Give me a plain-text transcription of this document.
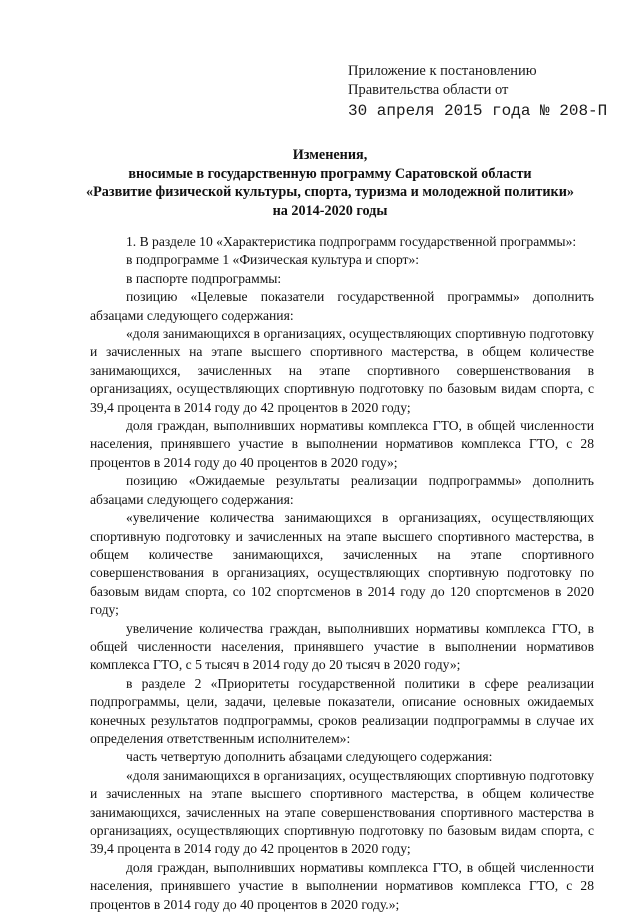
Приложение к постановлению
Правительства области от
30 апреля 2015 года № 208-П
Изменения,
вносимые в государственную программу Саратовской области
«Развитие физической культуры, спорта, туризма и молодежной политики»
на 2014-2020 годы

1. В разделе 10 «Характеристика подпрограмм государственной программы»:

в подпрограмме 1 «Физическая культура и спорт»:

в паспорте подпрограммы:

позицию «Целевые показатели государственной программы» дополнить абзацами следующего содержания:

«доля занимающихся в организациях, осуществляющих спортивную подготовку и зачисленных на этапе высшего спортивного мастерства, в общем количестве занимающихся, зачисленных на этапе спортивного совершенствования в организациях, осуществляющих спортивную подготовку по базовым видам спорта, с 39,4 процента в 2014 году до 42 процентов в 2020 году;

доля граждан, выполнивших нормативы комплекса ГТО, в общей численности населения, принявшего участие в выполнении нормативов комплекса ГТО, с 28 процентов в 2014 году до 40 процентов в 2020 году»;

позицию «Ожидаемые результаты реализации подпрограммы» дополнить абзацами следующего содержания:

«увеличение количества занимающихся в организациях, осуществляющих спортивную подготовку и зачисленных на этапе высшего спортивного мастерства, в общем количестве занимающихся, зачисленных на этапе спортивного совершенствования в организациях, осуществляющих спортивную подготовку по базовым видам спорта, со 102 спортсменов в 2014 году до 120 спортсменов в 2020 году;

увеличение количества граждан, выполнивших нормативы комплекса ГТО, в общей численности населения, принявшего участие в выполнении нормативов комплекса ГТО, с 5 тысяч в 2014 году до 20 тысяч в 2020 году»;

в разделе 2 «Приоритеты государственной политики в сфере реализации подпрограммы, цели, задачи, целевые показатели, описание основных ожидаемых конечных результатов подпрограммы, сроков реализации подпрограммы в случае их определения ответственным исполнителем»:

часть четвертую дополнить абзацами следующего содержания:

«доля занимающихся в организациях, осуществляющих спортивную подготовку и зачисленных на этапе высшего спортивного мастерства, в общем количестве занимающихся, зачисленных на этапе совершенствования спортивного мастерства в организациях, осуществляющих спортивную подготовку по базовым видам спорта, с 39,4 процента в 2014 году до 42 процентов в 2020 году;

доля граждан, выполнивших нормативы комплекса ГТО, в общей численности населения, принявшего участие в выполнении нормативов комплекса ГТО, с 28 процентов в 2014 году до 40 процентов в 2020 году.»;
